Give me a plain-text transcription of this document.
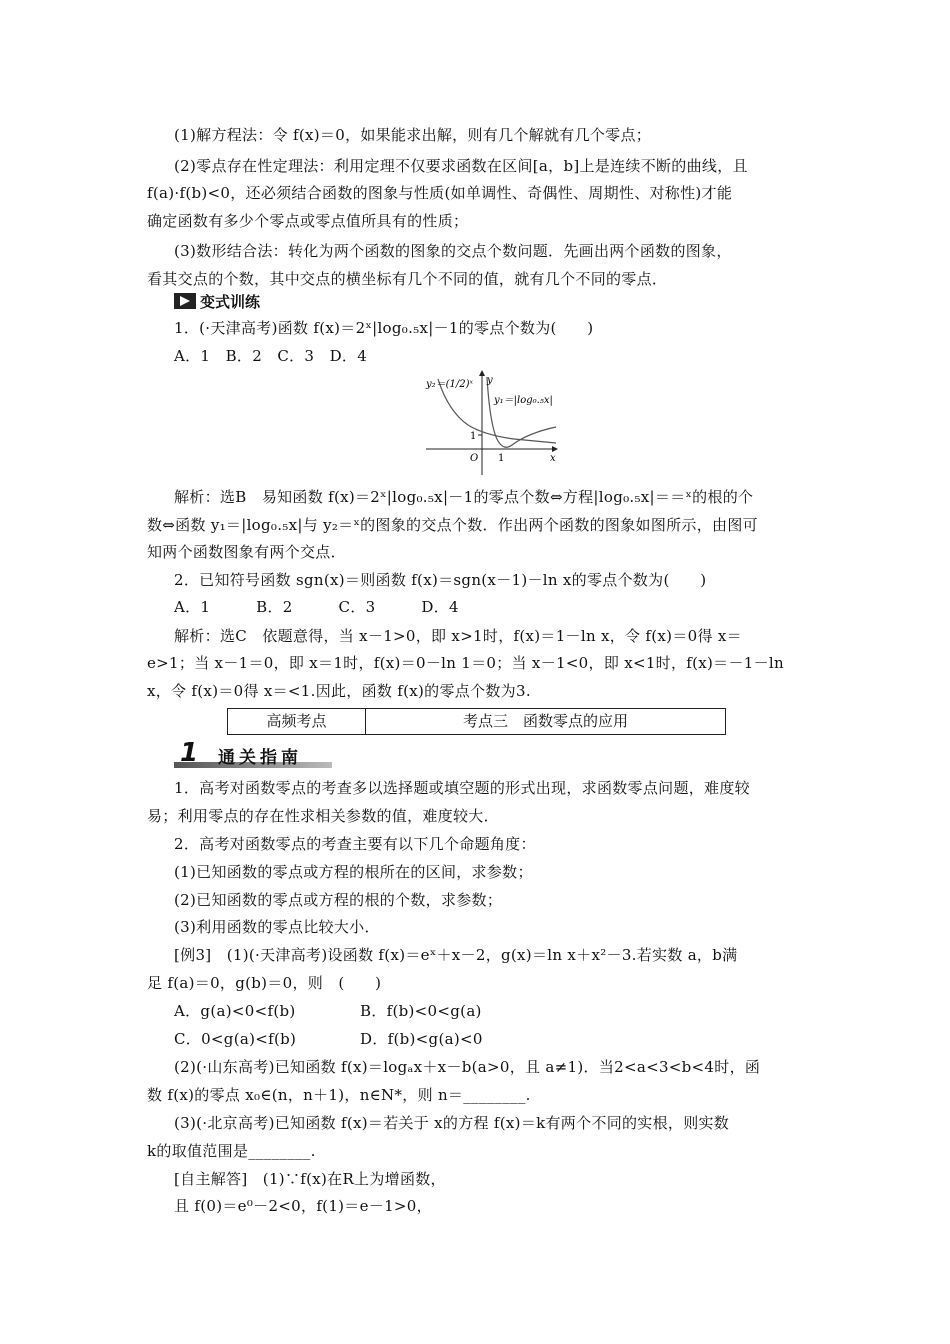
(1)解方程法：令 f(x)＝0，如果能求出解，则有几个解就有几个零点；
(2)零点存在性定理法：利用定理不仅要求函数在区间[a，b]上是连续不断的曲线，且
f(a)·f(b)<0，还必须结合函数的图象与性质(如单调性、奇偶性、周期性、对称性)才能
确定函数有多少个零点或零点值所具有的性质；
(3)数形结合法：转化为两个函数的图象的交点个数问题．先画出两个函数的图象，
看其交点的个数，其中交点的横坐标有几个不同的值，就有几个不同的零点．
变式训练
1．(·天津高考)函数 f(x)＝2ˣ|log₀.₅x|－1的零点个数为(　　)
A．1　B．2　C．3　D．4
y₂＝(1/2)ˣ
y₁＝|log₀.₅x|
y
x
O 1
1
解析：选B　易知函数 f(x)＝2ˣ|log₀.₅x|－1的零点个数⇔方程|log₀.₅x|＝＝ˣ的根的个
数⇔函数 y₁＝|log₀.₅x|与 y₂＝ˣ的图象的交点个数．作出两个函数的图象如图所示，由图可
知两个函数图象有两个交点．
2．已知符号函数 sgn(x)＝则函数 f(x)＝sgn(x－1)－ln x的零点个数为(　　)
A．1　　　B．2　　　C．3　　　D．4
解析：选C　依题意得，当 x－1>0，即 x>1时，f(x)＝1－ln x，令 f(x)＝0得 x＝
e>1；当 x－1＝0，即 x＝1时，f(x)＝0－ln 1＝0；当 x－1<0，即 x<1时，f(x)＝－1－ln
x，令 f(x)＝0得 x＝<1.因此，函数 f(x)的零点个数为3.
高频考点	考点三　函数零点的应用
1 通关指南
1．高考对函数零点的考查多以选择题或填空题的形式出现，求函数零点问题，难度较
易；利用零点的存在性求相关参数的值，难度较大．
2．高考对函数零点的考查主要有以下几个命题角度：
(1)已知函数的零点或方程的根所在的区间，求参数；
(2)已知函数的零点或方程的根的个数，求参数；
(3)利用函数的零点比较大小．
[例3]　(1)(·天津高考)设函数 f(x)＝eˣ＋x－2，g(x)＝ln x＋x²－3.若实数 a，b满
足 f(a)＝0，g(b)＝0，则　(　　)
A．g(a)<0<f(b)	B．f(b)<0<g(a)
C．0<g(a)<f(b)	D．f(b)<g(a)<0
(2)(·山东高考)已知函数 f(x)＝logₐx＋x－b(a>0，且 a≠1)．当2<a<3<b<4时，函
数 f(x)的零点 x₀∈(n，n＋1)，n∈N*，则 n＝________.
(3)(·北京高考)已知函数 f(x)＝若关于 x的方程 f(x)＝k有两个不同的实根，则实数
k的取值范围是________.
[自主解答]　(1)∵f(x)在R上为增函数，
且 f(0)＝e⁰－2<0，f(1)＝e－1>0，
